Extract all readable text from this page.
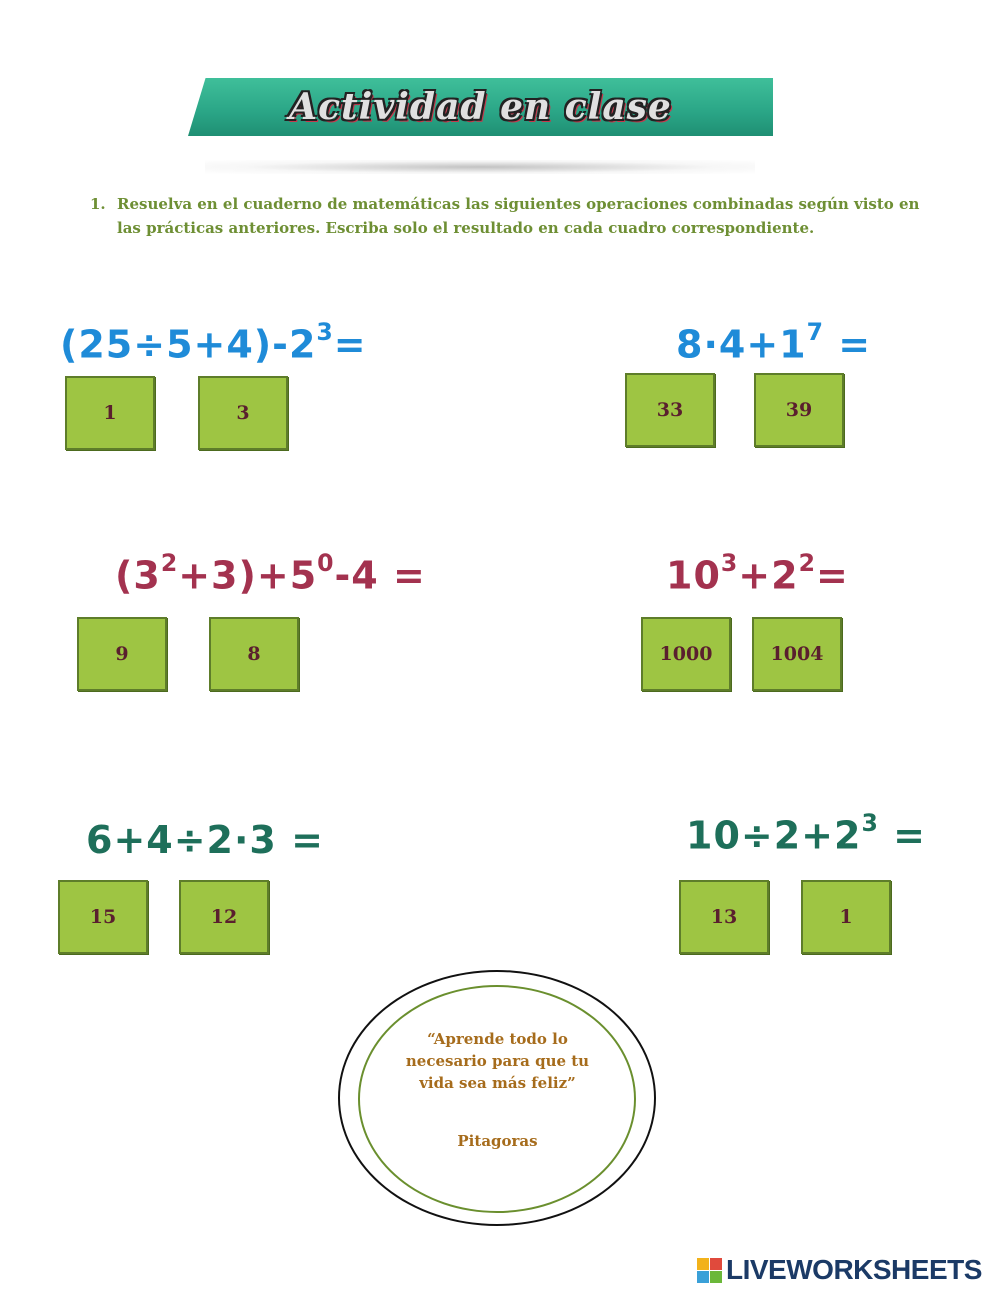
Actividad en clase
1. Resuelva en el cuaderno de matemáticas las siguientes operaciones combinadas según visto en las prácticas anteriores. Escriba solo el resultado en cada cuadro correspondiente.
$(25\div 5+4)-2^3=$
1	3
$8\cdot 4+1^7$ =
33	39
$(3^2+3)+5^0-4$ =
9	8
$10^3+2^2=$
1000	1004
6+4÷2·3 =
15	12
$10\div 2+2^3$ =
13	1
“Aprende todo lo necesario para que tu vida sea más feliz”
Pitagoras
LIVEWORKSHEETS
